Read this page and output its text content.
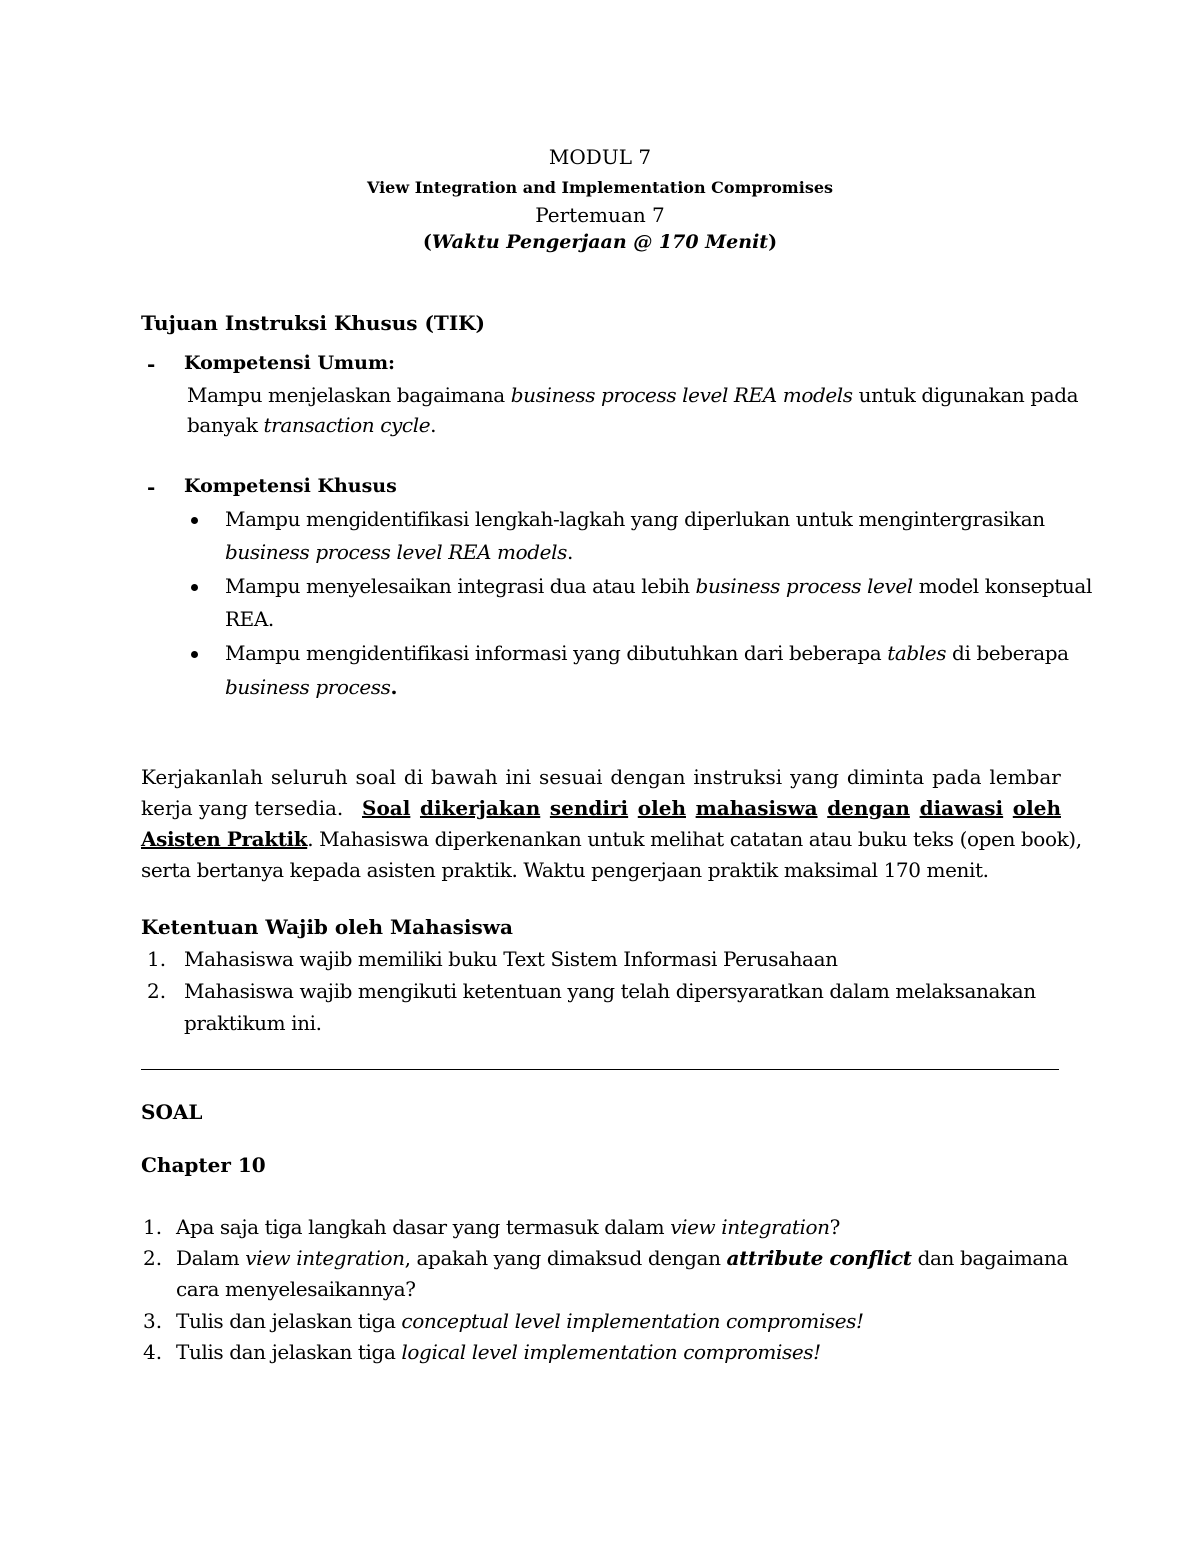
MODUL 7
View Integration and Implementation Compromises
Pertemuan 7
(Waktu Pengerjaan @ 170 Menit)
Tujuan Instruksi Khusus (TIK)
- Kompetensi Umum:
Mampu menjelaskan bagaimana business process level REA models untuk digunakan pada
banyak transaction cycle.
- Kompetensi Khusus
Mampu mengidentifikasi lengkah-lagkah yang diperlukan untuk mengintergrasikan
business process level REA models.
Mampu menyelesaikan integrasi dua atau lebih business process level model konseptual
REA.
Mampu mengidentifikasi informasi yang dibutuhkan dari beberapa tables di beberapa
business process.
Kerjakanlah seluruh soal di bawah ini sesuai dengan instruksi yang diminta pada lembar
kerja yang tersedia. Soal dikerjakan sendiri oleh mahasiswa dengan diawasi oleh
Asisten Praktik. Mahasiswa diperkenankan untuk melihat catatan atau buku teks (open book),
serta bertanya kepada asisten praktik. Waktu pengerjaan praktik maksimal 170 menit.
Ketentuan Wajib oleh Mahasiswa
1. Mahasiswa wajib memiliki buku Text Sistem Informasi Perusahaan
2. Mahasiswa wajib mengikuti ketentuan yang telah dipersyaratkan dalam melaksanakan
praktikum ini.
SOAL
Chapter 10
1. Apa saja tiga langkah dasar yang termasuk dalam view integration?
2. Dalam view integration, apakah yang dimaksud dengan attribute conflict dan bagaimana
cara menyelesaikannya?
3. Tulis dan jelaskan tiga conceptual level implementation compromises!
4. Tulis dan jelaskan tiga logical level implementation compromises!
